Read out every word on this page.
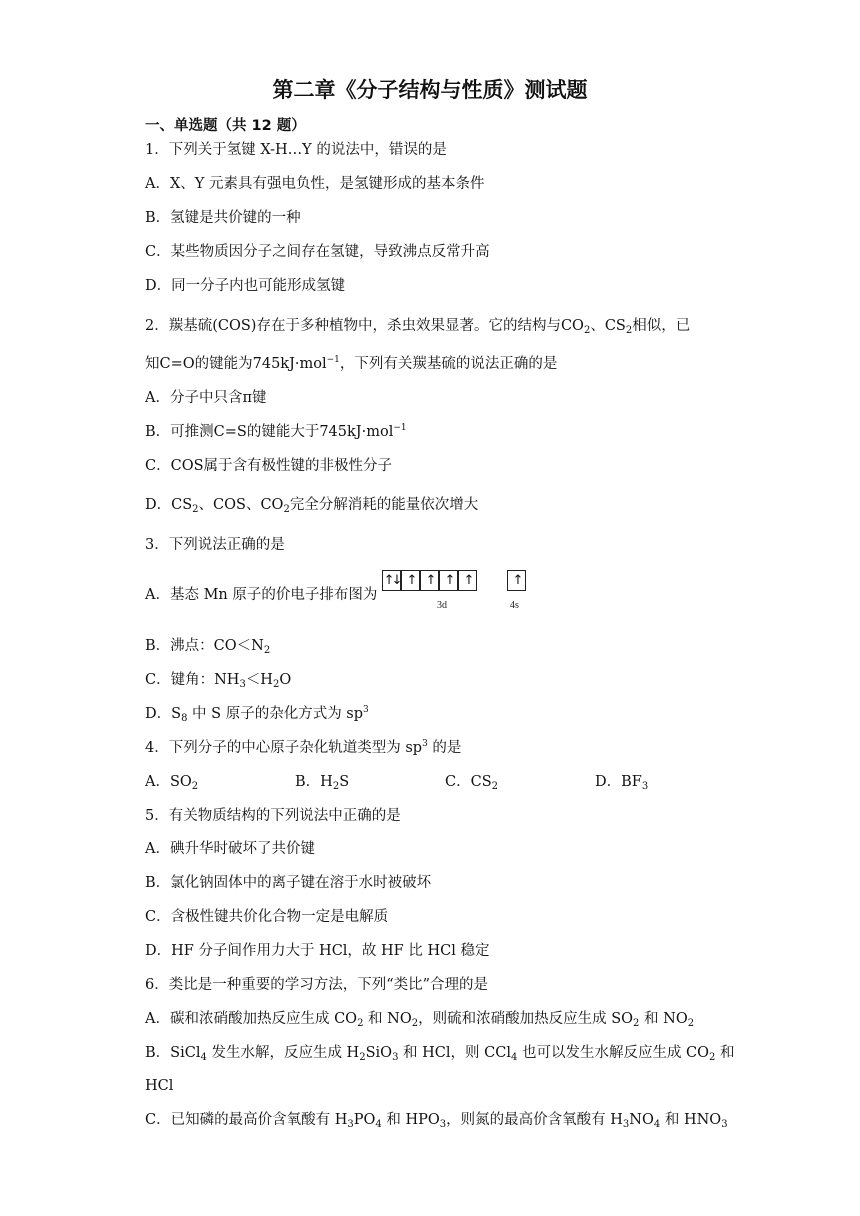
第二章《分子结构与性质》测试题
一、单选题（共 12 题）
1．下列关于氢键 X-H…Y 的说法中，错误的是
A．X、Y 元素具有强电负性，是氢键形成的基本条件
B．氢键是共价键的一种
C．某些物质因分子之间存在氢键，导致沸点反常升高
D．同一分子内也可能形成氢键
2．羰基硫(COS)存在于多种植物中，杀虫效果显著。它的结构与$CO_2$、$CS_2$相似，已
知C=O的键能为745kJ·mol$^{-1}$，下列有关羰基硫的说法正确的是
A．分子中只含π键
B．可推测C=S的键能大于745kJ·mol$^{-1}$
C．COS属于含有极性键的非极性分子
D．$CS_2$、COS、$CO_2$完全分解消耗的能量依次增大
3．下列说法正确的是
A．基态 Mn 原子的价电子排布图为
↑↓ ↑ ↑ ↑ ↑	↑
3d	4s
B．沸点：$CO<N_2$
C．键角：$NH_3<H_2O$
D．$S_8$ 中 S 原子的杂化方式为 $sp^3$
4．下列分子的中心原子杂化轨道类型为 $sp^3$ 的是
A．$SO_2$	B．$H_2S$	C．$CS_2$	D．$BF_3$
5．有关物质结构的下列说法中正确的是
A．碘升华时破坏了共价键
B．氯化钠固体中的离子键在溶于水时被破坏
C．含极性键共价化合物一定是电解质
D．HF 分子间作用力大于 HCl，故 HF 比 HCl 稳定
6．类比是一种重要的学习方法，下列“类比”合理的是
A．碳和浓硝酸加热反应生成 $CO_2$ 和 $NO_2$，则硫和浓硝酸加热反应生成 $SO_2$ 和 $NO_2$
B．SiCl$_4$ 发生水解，反应生成 $H_2SiO_3$ 和 HCl，则 CCl$_4$ 也可以发生水解反应生成 $CO_2$ 和
HCl
C．已知磷的最高价含氧酸有 $H_3PO_4$ 和 $HPO_3$，则氮的最高价含氧酸有 $H_3NO_4$ 和 $HNO_3$
